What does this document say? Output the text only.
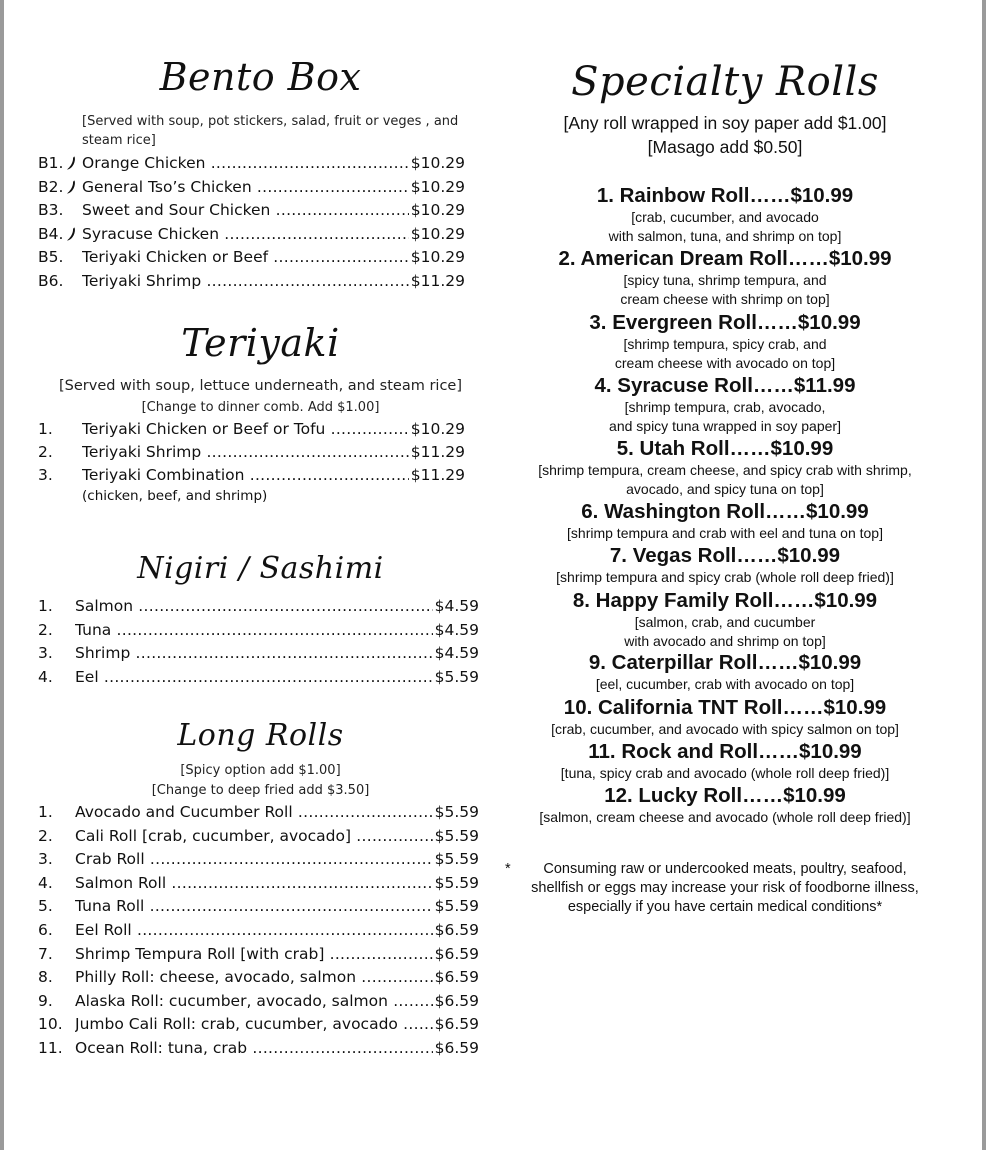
Bento Box
[Served with soup, pot stickers, salad, fruit or veges , and
steam rice]
B1. Orange Chicken .....	$10.29
B2. General Tso’s Chicken .....	$10.29
B3. Sweet and Sour Chicken .....	$10.29
B4. Syracuse Chicken .....	$10.29
B5. Teriyaki Chicken or Beef .....	$10.29
B6. Teriyaki Shrimp .....	$11.29
Teriyaki
[Served with soup, lettuce underneath, and steam rice]
[Change to dinner comb. Add $1.00]
1. Teriyaki Chicken or Beef or Tofu .....	$10.29
2. Teriyaki Shrimp .....	$11.29
3. Teriyaki Combination .....	$11.29
(chicken, beef, and shrimp)
Nigiri / Sashimi
1. Salmon .....	$4.59
2. Tuna .....	$4.59
3. Shrimp .....	$4.59
4. Eel .....	$5.59
Long Rolls
[Spicy option add $1.00]
[Change to deep fried add $3.50]
1. Avocado and Cucumber Roll .....	$5.59
2. Cali Roll [crab, cucumber, avocado] .....	$5.59
3. Crab Roll .....	$5.59
4. Salmon Roll .....	$5.59
5. Tuna Roll .....	$5.59
6. Eel Roll .....	$6.59
7. Shrimp Tempura Roll [with crab] .....	$6.59
8. Philly Roll: cheese, avocado, salmon .....	$6.59
9. Alaska Roll: cucumber, avocado, salmon .....	$6.59
10. Jumbo Cali Roll: crab, cucumber, avocado .....	$6.59
11. Ocean Roll: tuna, crab .....	$6.59
Specialty Rolls

[Any roll wrapped in soy paper add $1.00]

[Masago add $0.50]

1. Rainbow Roll……$10.99

[crab, cucumber, and avocado

with salmon, tuna, and shrimp on top]

2. American Dream Roll……$10.99

[spicy tuna, shrimp tempura, and

cream cheese with shrimp on top]

3. Evergreen Roll……$10.99

[shrimp tempura, spicy crab, and

cream cheese with avocado on top]

4. Syracuse Roll……$11.99

[shrimp tempura, crab, avocado,

and spicy tuna wrapped in soy paper]

5. Utah Roll……$10.99

[shrimp tempura, cream cheese, and spicy crab with shrimp,

avocado, and spicy tuna on top]

6. Washington Roll……$10.99

[shrimp tempura and crab with eel and tuna on top]

7. Vegas Roll……$10.99

[shrimp tempura and spicy crab (whole roll deep fried)]

8. Happy Family Roll……$10.99

[salmon, crab, and cucumber

with avocado and shrimp on top]

9. Caterpillar Roll……$10.99

[eel, cucumber, crab with avocado on top]

10. California TNT Roll……$10.99

[crab, cucumber, and avocado with spicy salmon on top]

11. Rock and Roll……$10.99

[tuna, spicy crab and avocado (whole roll deep fried)]

12. Lucky Roll……$10.99

[salmon, cream cheese and avocado (whole roll deep fried)]

*	Consuming raw or undercooked meats, poultry, seafood,
shellfish or eggs may increase your risk of foodborne illness,
especially if you have certain medical conditions*
